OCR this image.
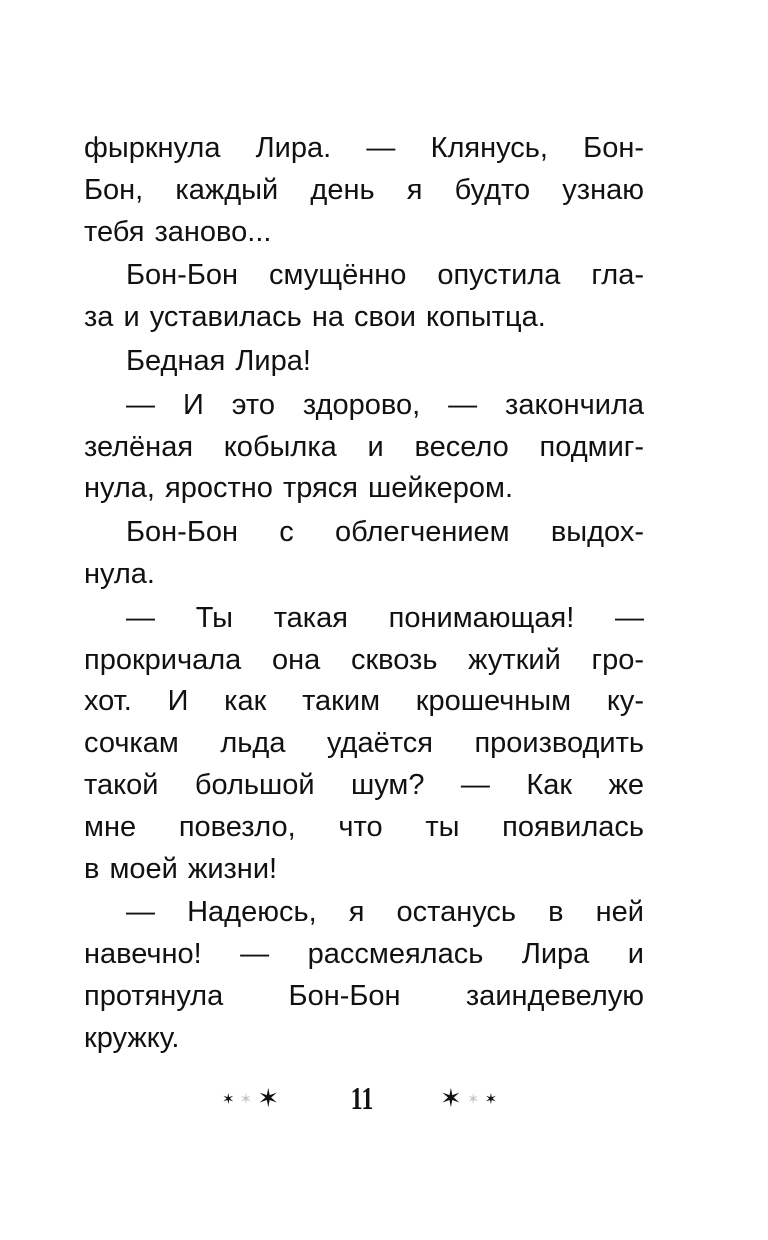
фыркнула Лира. — Клянусь, Бон-
Бон, каждый день я будто узнаю
тебя заново...
Бон-Бон смущённо опустила гла-
за и уставилась на свои копытца.
Бедная Лира!
— И это здорово, — закончила
зелёная кобылка и весело подмиг-
нула, яростно тряся шейкером.
Бон-Бон с облегчением выдох-
нула.
— Ты такая понимающая! —
прокричала она сквозь жуткий гро-
хот. И как таким крошечным ку-
сочкам льда удаётся производить
такой большой шум? — Как же
мне повезло, что ты появилась
в моей жизни!
— Надеюсь, я останусь в ней
навечно! — рассмеялась Лира и
протянула Бон-Бон заиндевелую
кружку.
✶ ✶ ✶ 11	✶ ✶ ✶
